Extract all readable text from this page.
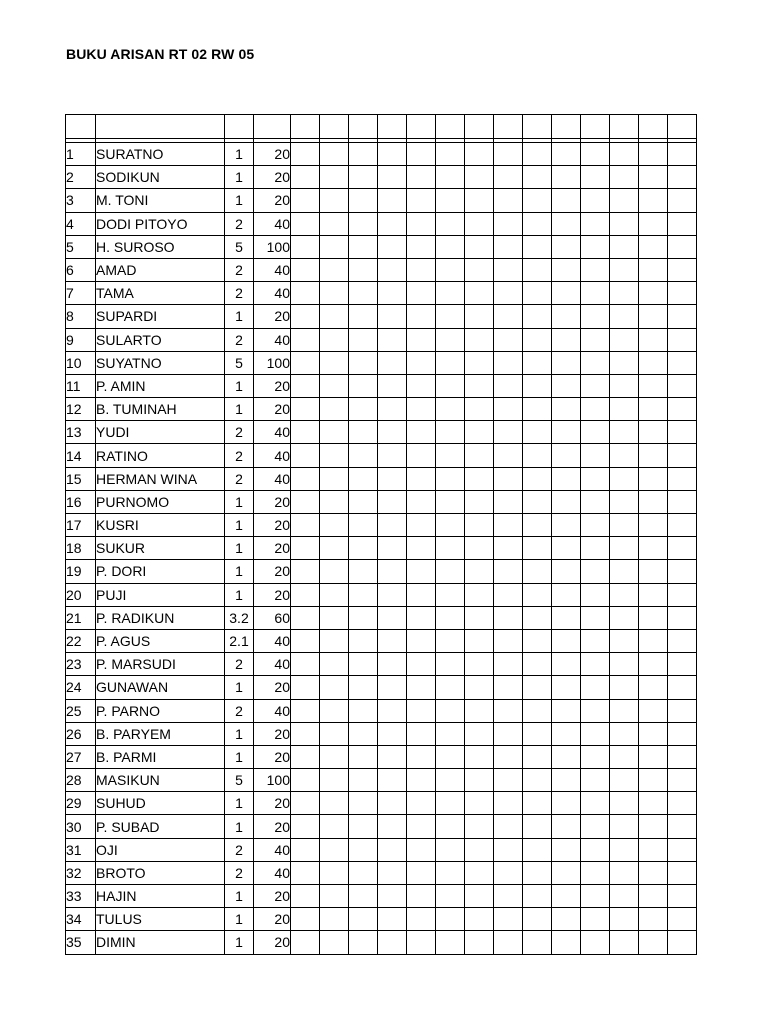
BUKU ARISAN RT 02 RW 05

1	SURATNO	1	20														
2	SODIKUN	1	20														
3	M. TONI	1	20														
4	DODI PITOYO	2	40														
5	H. SUROSO	5	100														
6	AMAD	2	40														
7	TAMA	2	40														
8	SUPARDI	1	20														
9	SULARTO	2	40														
10	SUYATNO	5	100														
11	P. AMIN	1	20														
12	B. TUMINAH	1	20														
13	YUDI	2	40														
14	RATINO	2	40														
15	HERMAN WINA	2	40														
16	PURNOMO	1	20														
17	KUSRI	1	20														
18	SUKUR	1	20														
19	P. DORI	1	20														
20	PUJI	1	20														
21	P. RADIKUN	3.2	60														
22	P. AGUS	2.1	40														
23	P. MARSUDI	2	40														
24	GUNAWAN	1	20														
25	P. PARNO	2	40														
26	B. PARYEM	1	20														
27	B. PARMI	1	20														
28	MASIKUN	5	100														
29	SUHUD	1	20														
30	P. SUBAD	1	20														
31	OJI	2	40														
32	BROTO	2	40														
33	HAJIN	1	20														
34	TULUS	1	20														
35	DIMIN	1	20														
